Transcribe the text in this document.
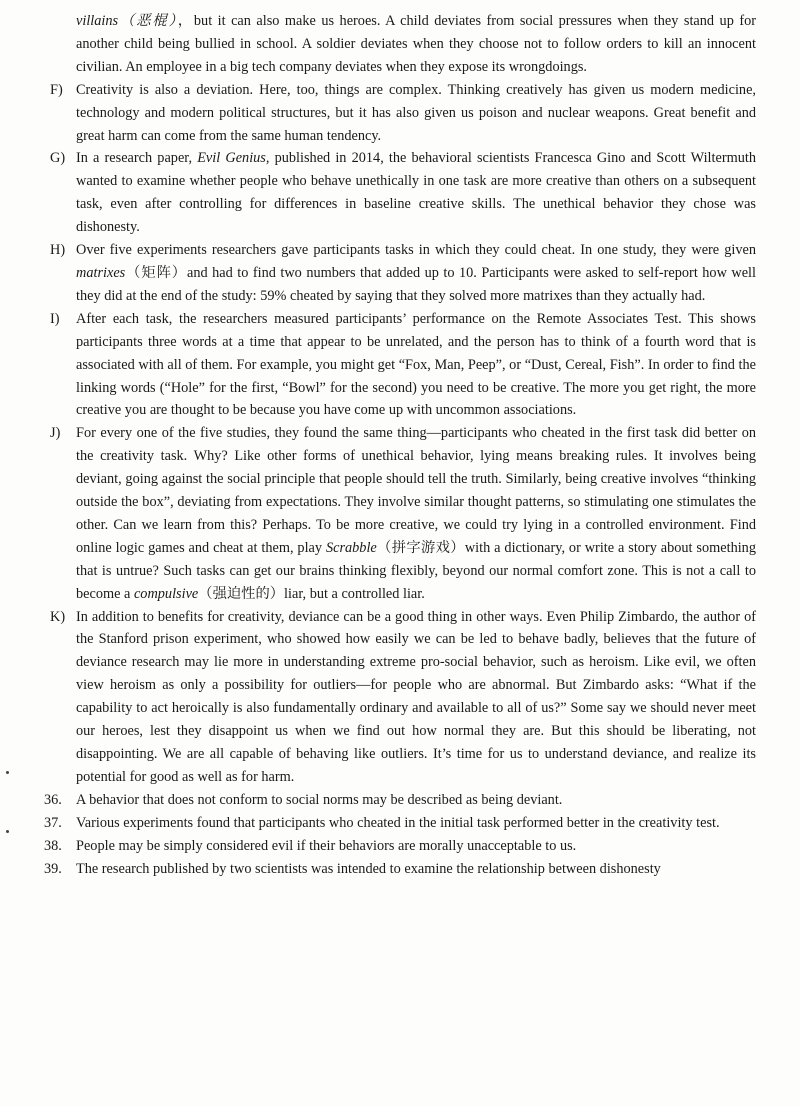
villains（恶棍），but it can also make us heroes. A child deviates from social pressures when they stand up for another child being bullied in school. A soldier deviates when they choose not to follow orders to kill an innocent civilian. An employee in a big tech company deviates when they expose its wrongdoings.

F) Creativity is also a deviation. Here, too, things are complex. Thinking creatively has given us modern medicine, technology and modern political structures, but it has also given us poison and nuclear weapons. Great benefit and great harm can come from the same human tendency.

G) In a research paper, Evil Genius, published in 2014, the behavioral scientists Francesca Gino and Scott Wiltermuth wanted to examine whether people who behave unethically in one task are more creative than others on a subsequent task, even after controlling for differences in baseline creative skills. The unethical behavior they chose was dishonesty.

H) Over five experiments researchers gave participants tasks in which they could cheat. In one study, they were given matrixes（矩阵）and had to find two numbers that added up to 10. Participants were asked to self-report how well they did at the end of the study: 59% cheated by saying that they solved more matrixes than they actually had.

I)	After each task, the researchers measured participants’ performance on the Remote Associates Test. This shows participants three words at a time that appear to be unrelated, and the person has to think of a fourth word that is associated with all of them. For example, you might get “Fox, Man, Peep”, or “Dust, Cereal, Fish”. In order to find the linking words (“Hole” for the first, “Bowl” for the second) you need to be creative. The more you get right, the more creative you are thought to be because you have come up with uncommon associations.

J)	For every one of the five studies, they found the same thing—participants who cheated in the first task did better on the creativity task. Why? Like other forms of unethical behavior, lying means breaking rules. It involves being deviant, going against the social principle that people should tell the truth. Similarly, being creative involves “thinking outside the box”, deviating from expectations. They involve similar thought patterns, so stimulating one stimulates the other. Can we learn from this? Perhaps. To be more creative, we could try lying in a controlled environment. Find online logic games and cheat at them, play Scrabble（拼字游戏）with a dictionary, or write a story about something that is untrue? Such tasks can get our brains thinking flexibly, beyond our normal comfort zone. This is not a call to become a compulsive（强迫性的）liar, but a controlled liar.

K) In addition to benefits for creativity, deviance can be a good thing in other ways. Even Philip Zimbardo, the author of the Stanford prison experiment, who showed how easily we can be led to behave badly, believes that the future of deviance research may lie more in understanding extreme pro-social behavior, such as heroism. Like evil, we often view heroism as only a possibility for outliers—for people who are abnormal. But Zimbardo asks: “What if the capability to act heroically is also fundamentally ordinary and available to all of us?” Some say we should never meet our heroes, lest they disappoint us when we find out how normal they are. But this should be liberating, not disappointing. We are all capable of behaving like outliers. It’s time for us to understand deviance, and realize its potential for good as well as for harm.

36. A behavior that does not conform to social norms may be described as being deviant.

37. Various experiments found that participants who cheated in the initial task performed better in the creativity test.

38. People may be simply considered evil if their behaviors are morally unacceptable to us.

39. The research published by two scientists was intended to examine the relationship between dishonesty
